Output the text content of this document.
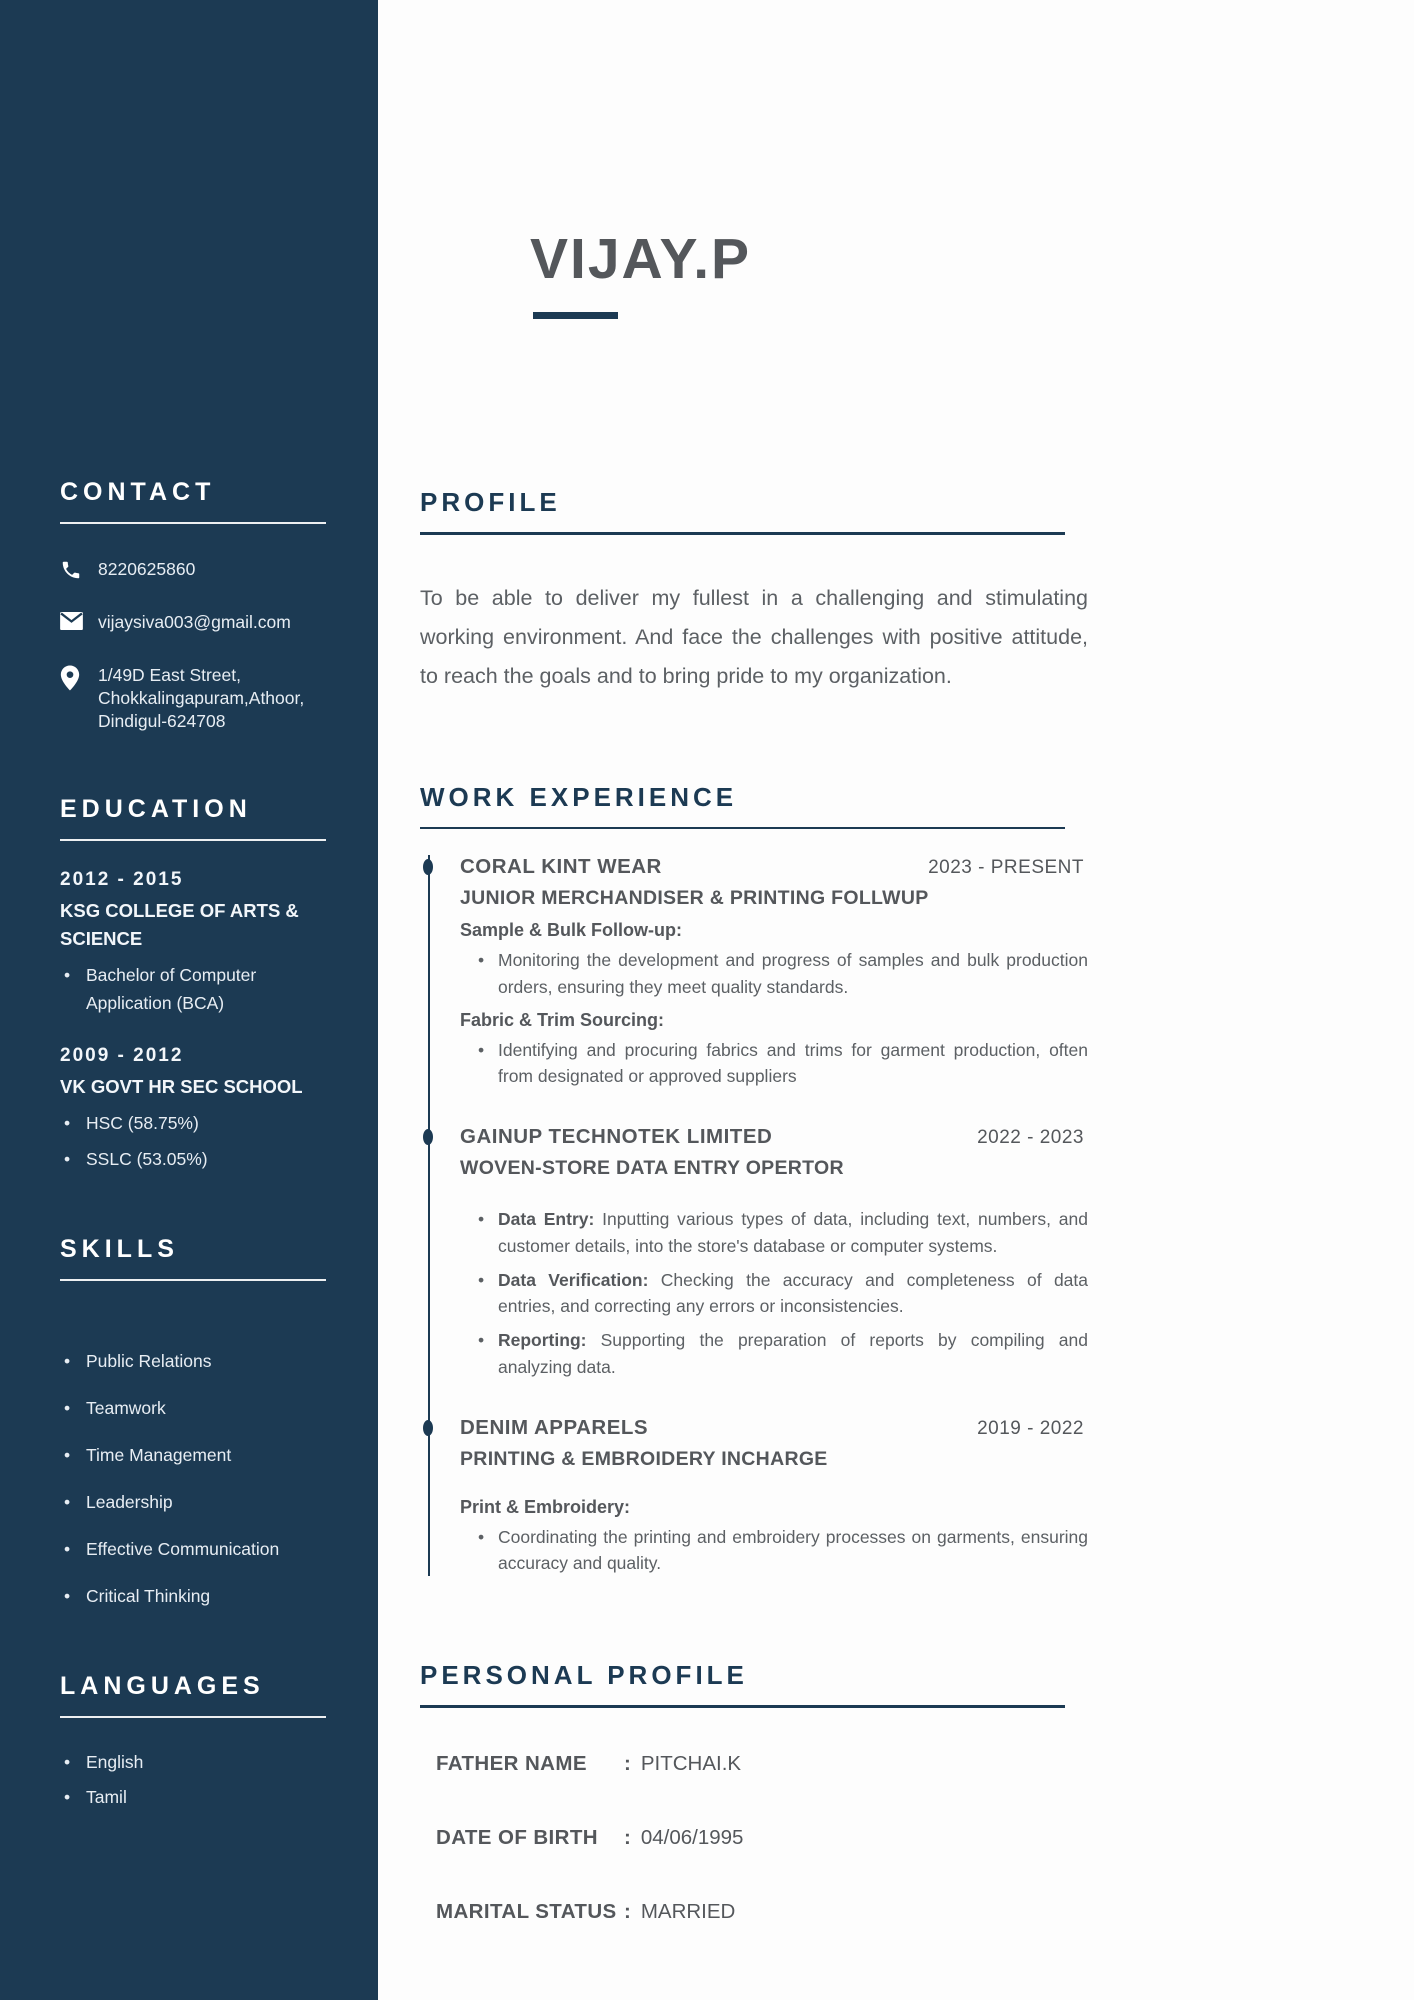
CONTACT
8220625860
vijaysiva003@gmail.com
1/49D East Street, Chokkalingapuram,Athoor, Dindigul-624708
EDUCATION
2012 - 2015
KSG COLLEGE OF ARTS & SCIENCE
• Bachelor of Computer Application (BCA)
2009 - 2012
VK GOVT HR SEC SCHOOL
• HSC (58.75%)
• SSLC (53.05%)
SKILLS
• Public Relations
• Teamwork
• Time Management
• Leadership
• Effective Communication
• Critical Thinking
LANGUAGES
• English
• Tamil
VIJAY.P
PROFILE

To be able to deliver my fullest in a challenging and stimulating working environment. And face the challenges with positive attitude, to reach the goals and to bring pride to my organization.

WORK EXPERIENCE
CORAL KINT WEAR	2023 - PRESENT
JUNIOR MERCHANDISER & PRINTING FOLLWUP
Sample & Bulk Follow-up:
• Monitoring the development and progress of samples and bulk production orders, ensuring they meet quality standards.
Fabric & Trim Sourcing:
• Identifying and procuring fabrics and trims for garment production, often from designated or approved suppliers
GAINUP TECHNOTEK LIMITED	2022 - 2023
WOVEN-STORE DATA ENTRY OPERTOR
• Data Entry: Inputting various types of data, including text, numbers, and customer details, into the store's database or computer systems.
• Data Verification: Checking the accuracy and completeness of data entries, and correcting any errors or inconsistencies.
• Reporting: Supporting the preparation of reports by compiling and analyzing data.
DENIM APPARELS	2019 - 2022
PRINTING & EMBROIDERY INCHARGE
Print & Embroidery:
• Coordinating the printing and embroidery processes on garments, ensuring accuracy and quality.
PERSONAL PROFILE
FATHER NAME : PITCHAI.K
DATE OF BIRTH : 04/06/1995
MARITAL STATUS : MARRIED
